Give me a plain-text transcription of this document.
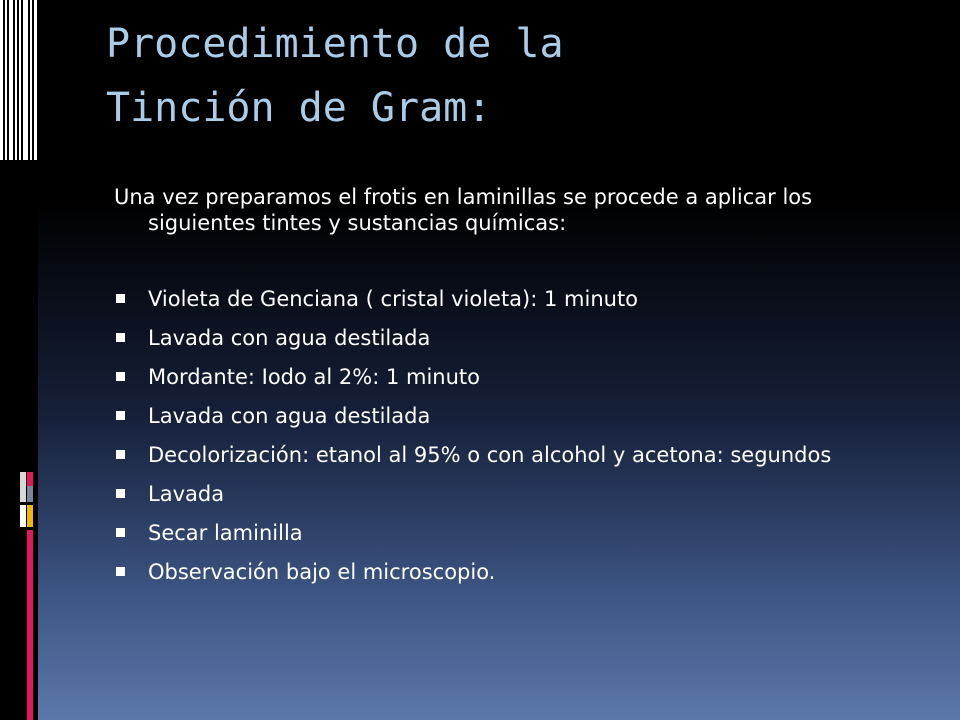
Procedimiento de la
Tinción de Gram:

Una vez preparamos el frotis en laminillas se procede a aplicar los siguientes tintes y sustancias químicas:

Violeta de Genciana ( cristal violeta): 1 minuto
Lavada con agua destilada
Mordante: Iodo al 2%: 1 minuto
Lavada con agua destilada
Decolorización: etanol al 95% o con alcohol y acetona: segundos
Lavada
Secar laminilla
Observación bajo el microscopio.
